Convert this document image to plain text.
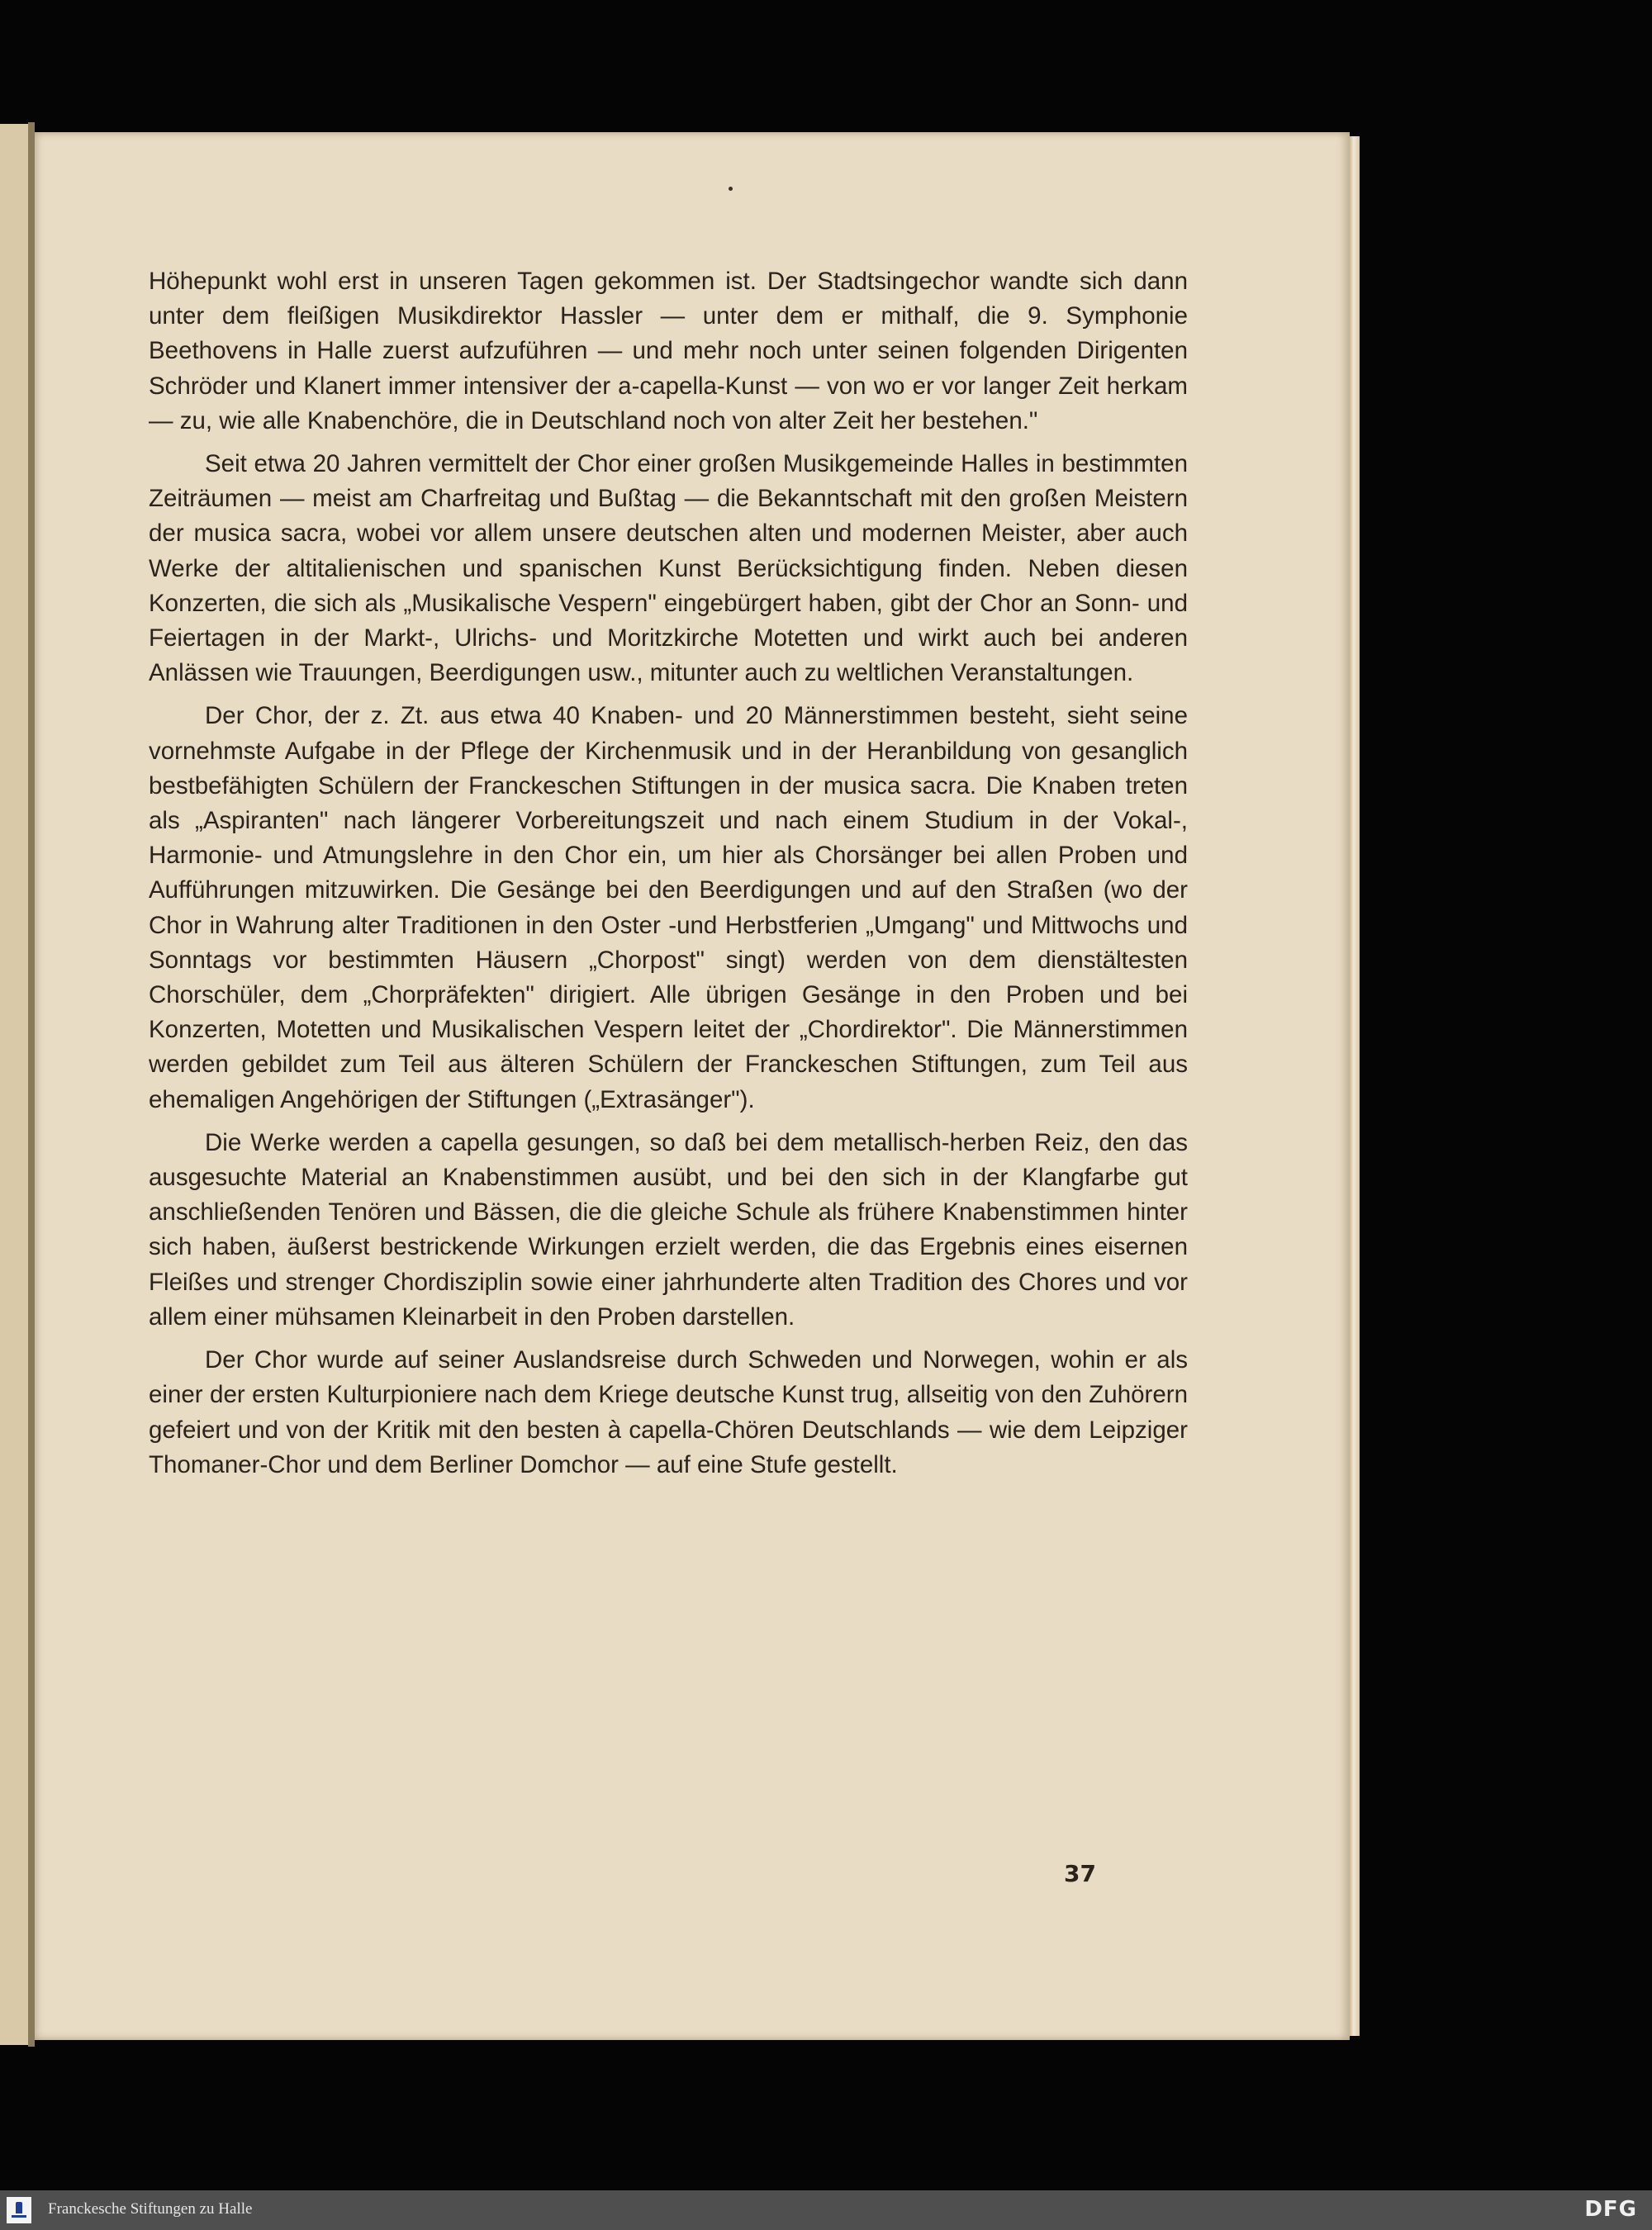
Höhepunkt wohl erst in unseren Tagen gekommen ist. Der Stadtsingechor wandte sich dann unter dem fleißigen Musikdirektor Hassler — unter dem er mithalf, die 9. Symphonie Beethovens in Halle zuerst aufzuführen — und mehr noch unter seinen folgenden Dirigenten Schröder und Klanert immer intensiver der a-capella-Kunst — von wo er vor langer Zeit herkam — zu, wie alle Knabenchöre, die in Deutschland noch von alter Zeit her bestehen."

Seit etwa 20 Jahren vermittelt der Chor einer großen Musikgemeinde Halles in bestimmten Zeiträumen — meist am Charfreitag und Bußtag — die Bekanntschaft mit den großen Meistern der musica sacra, wobei vor allem unsere deutschen alten und modernen Meister, aber auch Werke der altitalienischen und spanischen Kunst Berücksichtigung finden. Neben diesen Konzerten, die sich als „Musikalische Vespern" eingebürgert haben, gibt der Chor an Sonn- und Feiertagen in der Markt-, Ulrichs- und Moritzkirche Motetten und wirkt auch bei anderen Anlässen wie Trauungen, Beerdigungen usw., mitunter auch zu weltlichen Veranstaltungen.

Der Chor, der z. Zt. aus etwa 40 Knaben- und 20 Männerstimmen besteht, sieht seine vornehmste Aufgabe in der Pflege der Kirchenmusik und in der Heranbildung von gesanglich bestbefähigten Schülern der Franckeschen Stiftungen in der musica sacra. Die Knaben treten als „Aspiranten" nach längerer Vorbereitungszeit und nach einem Studium in der Vokal-, Harmonie- und Atmungslehre in den Chor ein, um hier als Chorsänger bei allen Proben und Aufführungen mitzuwirken. Die Gesänge bei den Beerdigungen und auf den Straßen (wo der Chor in Wahrung alter Traditionen in den Oster -und Herbstferien „Umgang" und Mittwochs und Sonntags vor bestimmten Häusern „Chorpost" singt) werden von dem dienstältesten Chorschüler, dem „Chorpräfekten" dirigiert. Alle übrigen Gesänge in den Proben und bei Konzerten, Motetten und Musikalischen Vespern leitet der „Chordirektor". Die Männerstimmen werden gebildet zum Teil aus älteren Schülern der Franckeschen Stiftungen, zum Teil aus ehemaligen Angehörigen der Stiftungen („Extrasänger").

Die Werke werden a capella gesungen, so daß bei dem metallisch-herben Reiz, den das ausgesuchte Material an Knabenstimmen ausübt, und bei den sich in der Klangfarbe gut anschließenden Tenören und Bässen, die die gleiche Schule als frühere Knabenstimmen hinter sich haben, äußerst bestrickende Wirkungen erzielt werden, die das Ergebnis eines eisernen Fleißes und strenger Chordisziplin sowie einer jahrhunderte alten Tradition des Chores und vor allem einer mühsamen Kleinarbeit in den Proben darstellen.

Der Chor wurde auf seiner Auslandsreise durch Schweden und Norwegen, wohin er als einer der ersten Kulturpioniere nach dem Kriege deutsche Kunst trug, allseitig von den Zuhörern gefeiert und von der Kritik mit den besten à capella-Chören Deutschlands — wie dem Leipziger Thomaner-Chor und dem Berliner Domchor — auf eine Stufe gestellt.

37
Franckesche Stiftungen zu Halle	DFG
